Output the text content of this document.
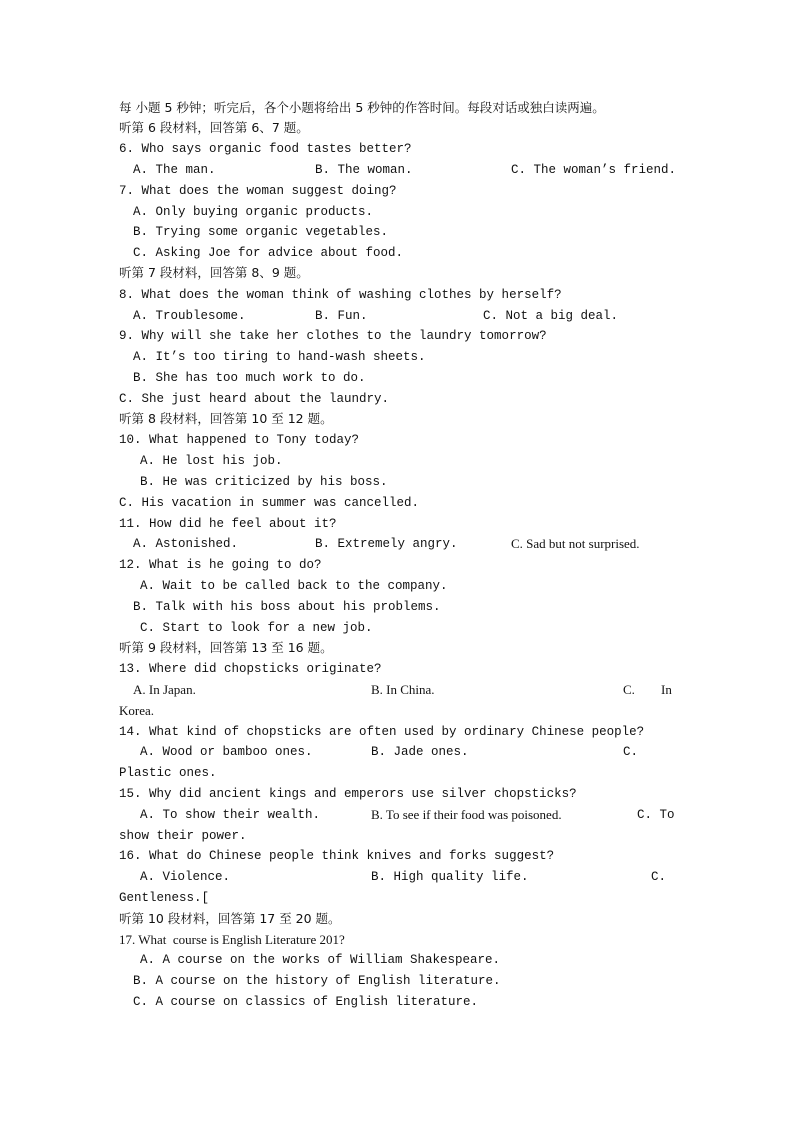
每 小题 5 秒钟；听完后，各个小题将给出 5 秒钟的作答时间。每段对话或独白读两遍。
听第 6 段材料，回答第 6、7 题。
6. Who says organic food tastes better?
A. The man.	B. The woman.	C. The woman’s friend.
7. What does the woman suggest doing?
A. Only buying organic products.
B. Trying some organic vegetables.
C. Asking Joe for advice about food.
听第 7 段材料，回答第 8、9 题。
8. What does the woman think of washing clothes by herself?
A. Troublesome.	B. Fun.	C. Not a big deal.
9. Why will she take her clothes to the laundry tomorrow?
A. It’s too tiring to hand-wash sheets.
B. She has too much work to do.
C. She just heard about the laundry.
听第 8 段材料，回答第 10 至 12 题。
10. What happened to Tony today?
A. He lost his job.
B. He was criticized by his boss.
C. His vacation in summer was cancelled.
11. How did he feel about it?
A. Astonished.	B. Extremely angry.	C. Sad but not surprised.
12. What is he going to do?
A. Wait to be called back to the company.
B. Talk with his boss about his problems.
C. Start to look for a new job.
听第 9 段材料，回答第 13 至 16 题。
13. Where did chopsticks originate?
A. In Japan.	B. In China.	C. In
Korea.
14. What kind of chopsticks are often used by ordinary Chinese people?
A. Wood or bamboo ones.	B. Jade ones.	C.
Plastic ones.
15. Why did ancient kings and emperors use silver chopsticks?
A. To show their wealth.	B. To see if their food was poisoned.	C. To
show their power.
16. What do Chinese people think knives and forks suggest?
A. Violence.	B. High quality life.	C.
Gentleness.[
听第 10 段材料，回答第 17 至 20 题。
17. What  course is English Literature 201?
A. A course on the works of William Shakespeare.
B. A course on the history of English literature.
C. A course on classics of English literature.
